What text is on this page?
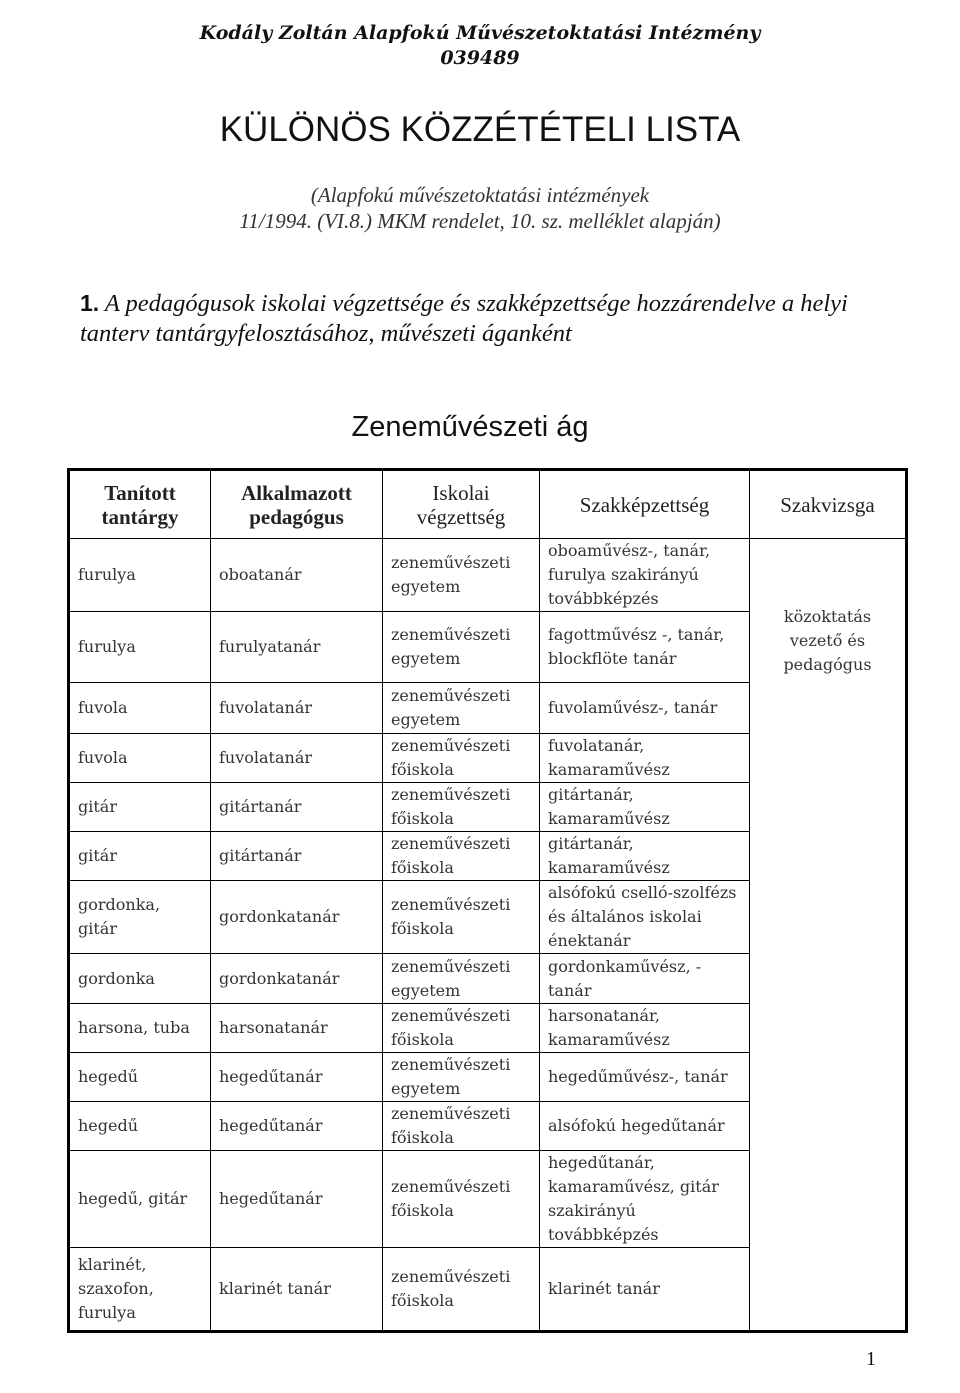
Kodály Zoltán Alapfokú Művészetoktatási Intézmény
039489
KÜLÖNÖS KÖZZÉTÉTELI LISTA
(Alapfokú művészetoktatási intézmények
11/1994. (VI.8.) MKM rendelet, 10. sz. melléklet alapján)
1. A pedagógusok iskolai végzettsége és szakképzettsége hozzárendelve a helyi tanterv tantárgyfelosztásához, művészeti áganként
Zeneművészeti ág
Tanított tantárgy	Alkalmazott pedagógus	Iskolai végzettség	Szakképzettség	Szakvizsga
furulya	oboatanár	zeneművészeti egyetem	oboaművész-, tanár, furulya szakirányú továbbképzés	közoktatás vezető és pedagógus
furulya	furulyatanár	zeneművészeti egyetem	fagottművész -, tanár, blockflöte tanár	
fuvola	fuvolatanár	zeneművészeti egyetem	fuvolaművész-, tanár	
fuvola	fuvolatanár	zeneművészeti főiskola	fuvolatanár, kamaraművész	
gitár	gitártanár	zeneművészeti főiskola	gitártanár, kamaraművész	
gitár	gitártanár	zeneművészeti főiskola	gitártanár, kamaraművész	
gordonka, gitár	gordonkatanár	zeneművészeti főiskola	alsófokú cselló-szolfézs és általános iskolai énektanár	
gordonka	gordonkatanár	zeneművészeti egyetem	gordonkaművész, - tanár	
harsona, tuba	harsonatanár	zeneművészeti főiskola	harsonatanár, kamaraművész	
hegedű	hegedűtanár	zeneművészeti egyetem	hegedűművész-, tanár	
hegedű	hegedűtanár	zeneművészeti főiskola	alsófokú hegedűtanár	
hegedű, gitár	hegedűtanár	zeneművészeti főiskola	hegedűtanár, kamaraművész, gitár szakirányú továbbképzés	
klarinét, szaxofon, furulya	klarinét tanár	zeneművészeti főiskola	klarinét tanár	
1
